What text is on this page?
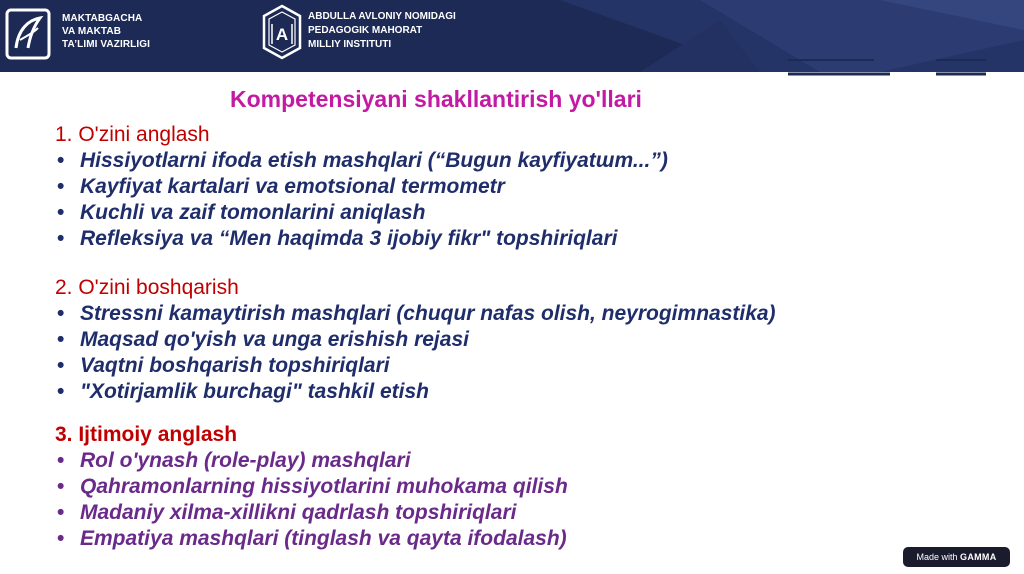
MAKTABGACHA
VA MAKTAB
TA’LIMI VAZIRLIGI
A
ABDULLA AVLONIY NOMIDAGI
PEDAGOGIK MAHORAT
MILLIY INSTITUTI
Kompetensiyani shakllantirish yo'llari
1. O'zini anglash
• Hissiyotlarni ifoda etish mashqlari (“Bugun kayfiyatшт...”)
• Kayfiyat kartalari va emotsional termometr
• Kuchli va zaif tomonlarini aniqlash
• Refleksiya va “Men haqimda 3 ijobiy fikr" topshiriqlari
2. O'zini boshqarish
• Stressni kamaytirish mashqlari (chuqur nafas olish, neyrogimnastika)
• Maqsad qo'yish va unga erishish rejasi
• Vaqtni boshqarish topshiriqlari
• "Xotirjamlik burchagi" tashkil etish
3. Ijtimoiy anglash
• Rol o'ynash (role-play) mashqlari
• Qahramonlarning hissiyotlarini muhokama qilish
• Madaniy xilma-xillikni qadrlash topshiriqlari
• Empatiya mashqlari (tinglash va qayta ifodalash)
Made with GAMMA
